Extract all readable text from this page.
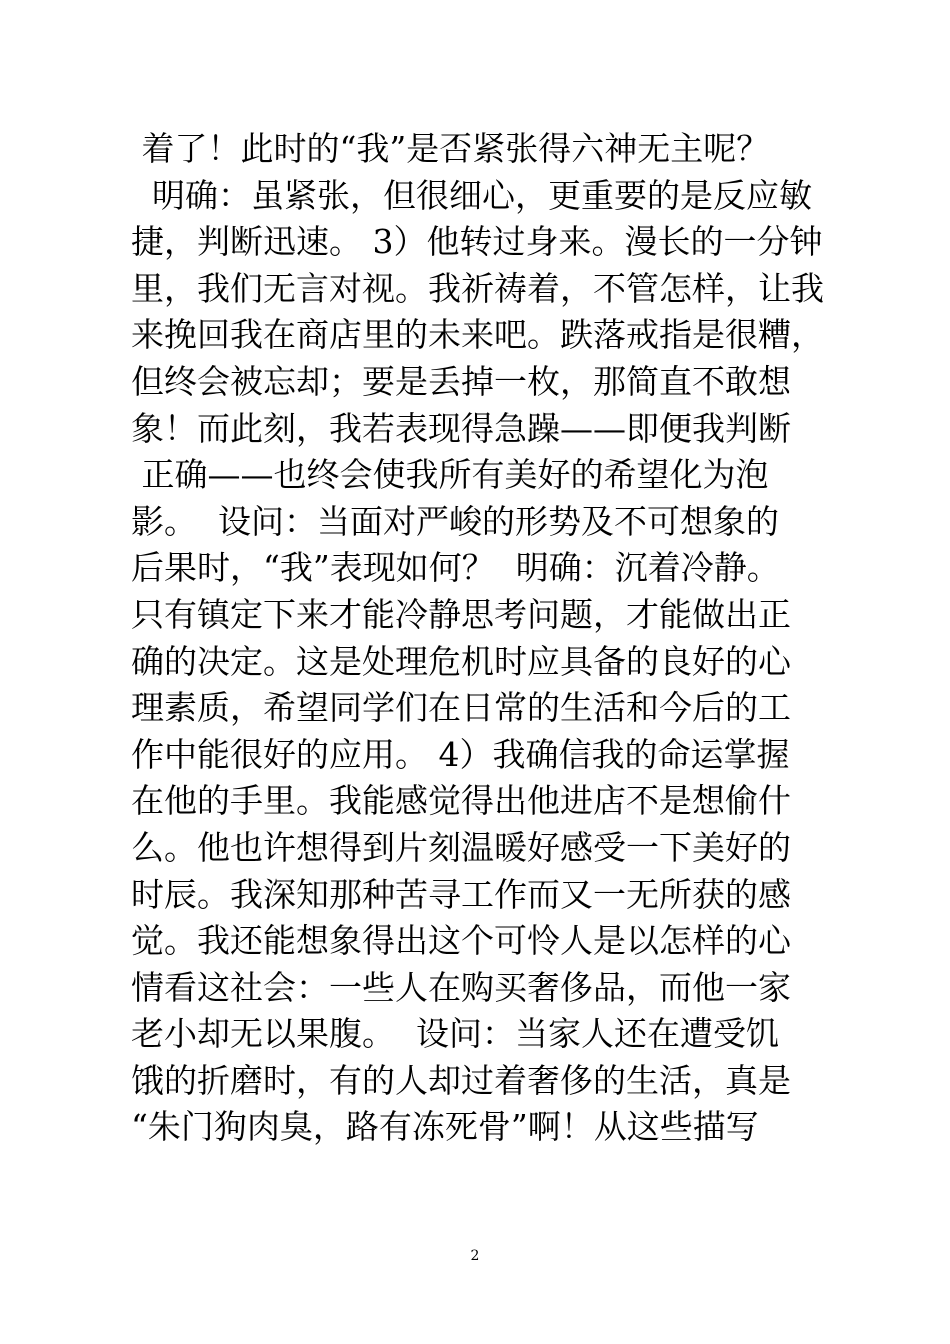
着了！此时的“我”是否紧张得六神无主呢？
明确：虽紧张，但很细心，更重要的是反应敏
捷，判断迅速。 3）他转过身来。漫长的一分钟
里，我们无言对视。我祈祷着，不管怎样，让我
来挽回我在商店里的未来吧。跌落戒指是很糟，
但终会被忘却；要是丢掉一枚，那简直不敢想
象！而此刻，我若表现得急躁——即便我判断
正确——也终会使我所有美好的希望化为泡
影。  设问：当面对严峻的形势及不可想象的
后果时，“我”表现如何？  明确：沉着冷静。
只有镇定下来才能冷静思考问题，才能做出正
确的决定。这是处理危机时应具备的良好的心
理素质，希望同学们在日常的生活和今后的工
作中能很好的应用。 4）我确信我的命运掌握
在他的手里。我能感觉得出他进店不是想偷什
么。他也许想得到片刻温暖好感受一下美好的
时辰。我深知那种苦寻工作而又一无所获的感
觉。我还能想象得出这个可怜人是以怎样的心
情看这社会：一些人在购买奢侈品，而他一家
老小却无以果腹。  设问：当家人还在遭受饥
饿的折磨时，有的人却过着奢侈的生活，真是
“朱门狗肉臭，路有冻死骨”啊！从这些描写
2
